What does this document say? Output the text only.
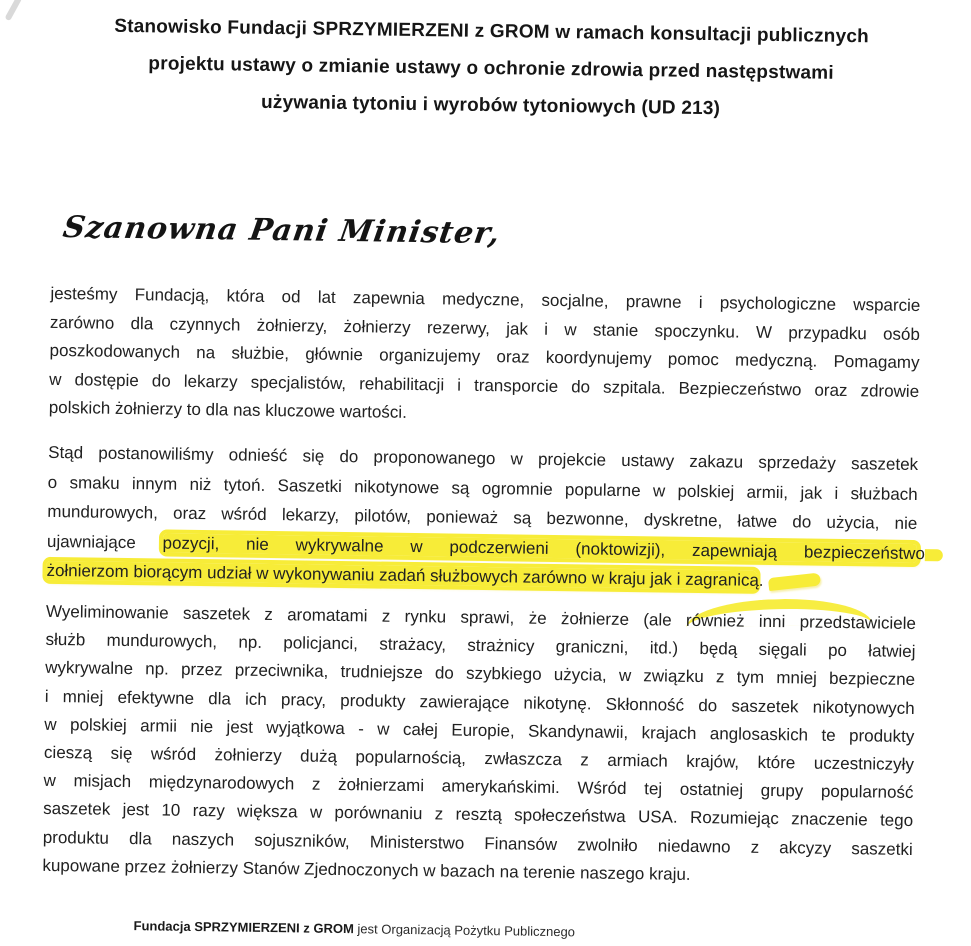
Stanowisko Fundacji SPRZYMIERZENI z GROM w ramach konsultacji publicznych
projektu ustawy o zmianie ustawy o ochronie zdrowia przed następstwami
używania tytoniu i wyrobów tytoniowych (UD 213)
Szanowna Pani Minister,
jesteśmy Fundacją, która od lat zapewnia medyczne, socjalne, prawne i psychologiczne wsparcie
zarówno dla czynnych żołnierzy, żołnierzy rezerwy, jak i w stanie spoczynku. W przypadku osób
poszkodowanych na służbie, głównie organizujemy oraz koordynujemy pomoc medyczną. Pomagamy
w dostępie do lekarzy specjalistów, rehabilitacji i transporcie do szpitala. Bezpieczeństwo oraz zdrowie
polskich żołnierzy to dla nas kluczowe wartości.
Stąd postanowiliśmy odnieść się do proponowanego w projekcie ustawy zakazu sprzedaży saszetek
o smaku innym niż tytoń. Saszetki nikotynowe są ogromnie popularne w polskiej armii, jak i służbach
mundurowych, oraz wśród lekarzy, pilotów, ponieważ są bezwonne, dyskretne, łatwe do użycia, nie
ujawniające pozycji, nie wykrywalne w podczerwieni (noktowizji), zapewniają bezpieczeństwo
żołnierzom biorącym udział w wykonywaniu zadań służbowych zarówno w kraju jak i zagranicą.
Wyeliminowanie saszetek z aromatami z rynku sprawi, że żołnierze (ale również inni przedstawiciele
służb mundurowych, np. policjanci, strażacy, strażnicy graniczni, itd.) będą sięgali po łatwiej
wykrywalne np. przez przeciwnika, trudniejsze do szybkiego użycia, w związku z tym mniej bezpieczne
i mniej efektywne dla ich pracy, produkty zawierające nikotynę. Skłonność do saszetek nikotynowych
w polskiej armii nie jest wyjątkowa - w całej Europie, Skandynawii, krajach anglosaskich te produkty
cieszą się wśród żołnierzy dużą popularnością, zwłaszcza z armiach krajów, które uczestniczyły
w misjach międzynarodowych z żołnierzami amerykańskimi. Wśród tej ostatniej grupy popularność
saszetek jest 10 razy większa w porównaniu z resztą społeczeństwa USA. Rozumiejąc znaczenie tego
produktu dla naszych sojuszników, Ministerstwo Finansów zwolniło niedawno z akcyzy saszetki
kupowane przez żołnierzy Stanów Zjednoczonych w bazach na terenie naszego kraju.
Fundacja SPRZYMIERZENI z GROM jest Organizacją Pożytku Publicznego
